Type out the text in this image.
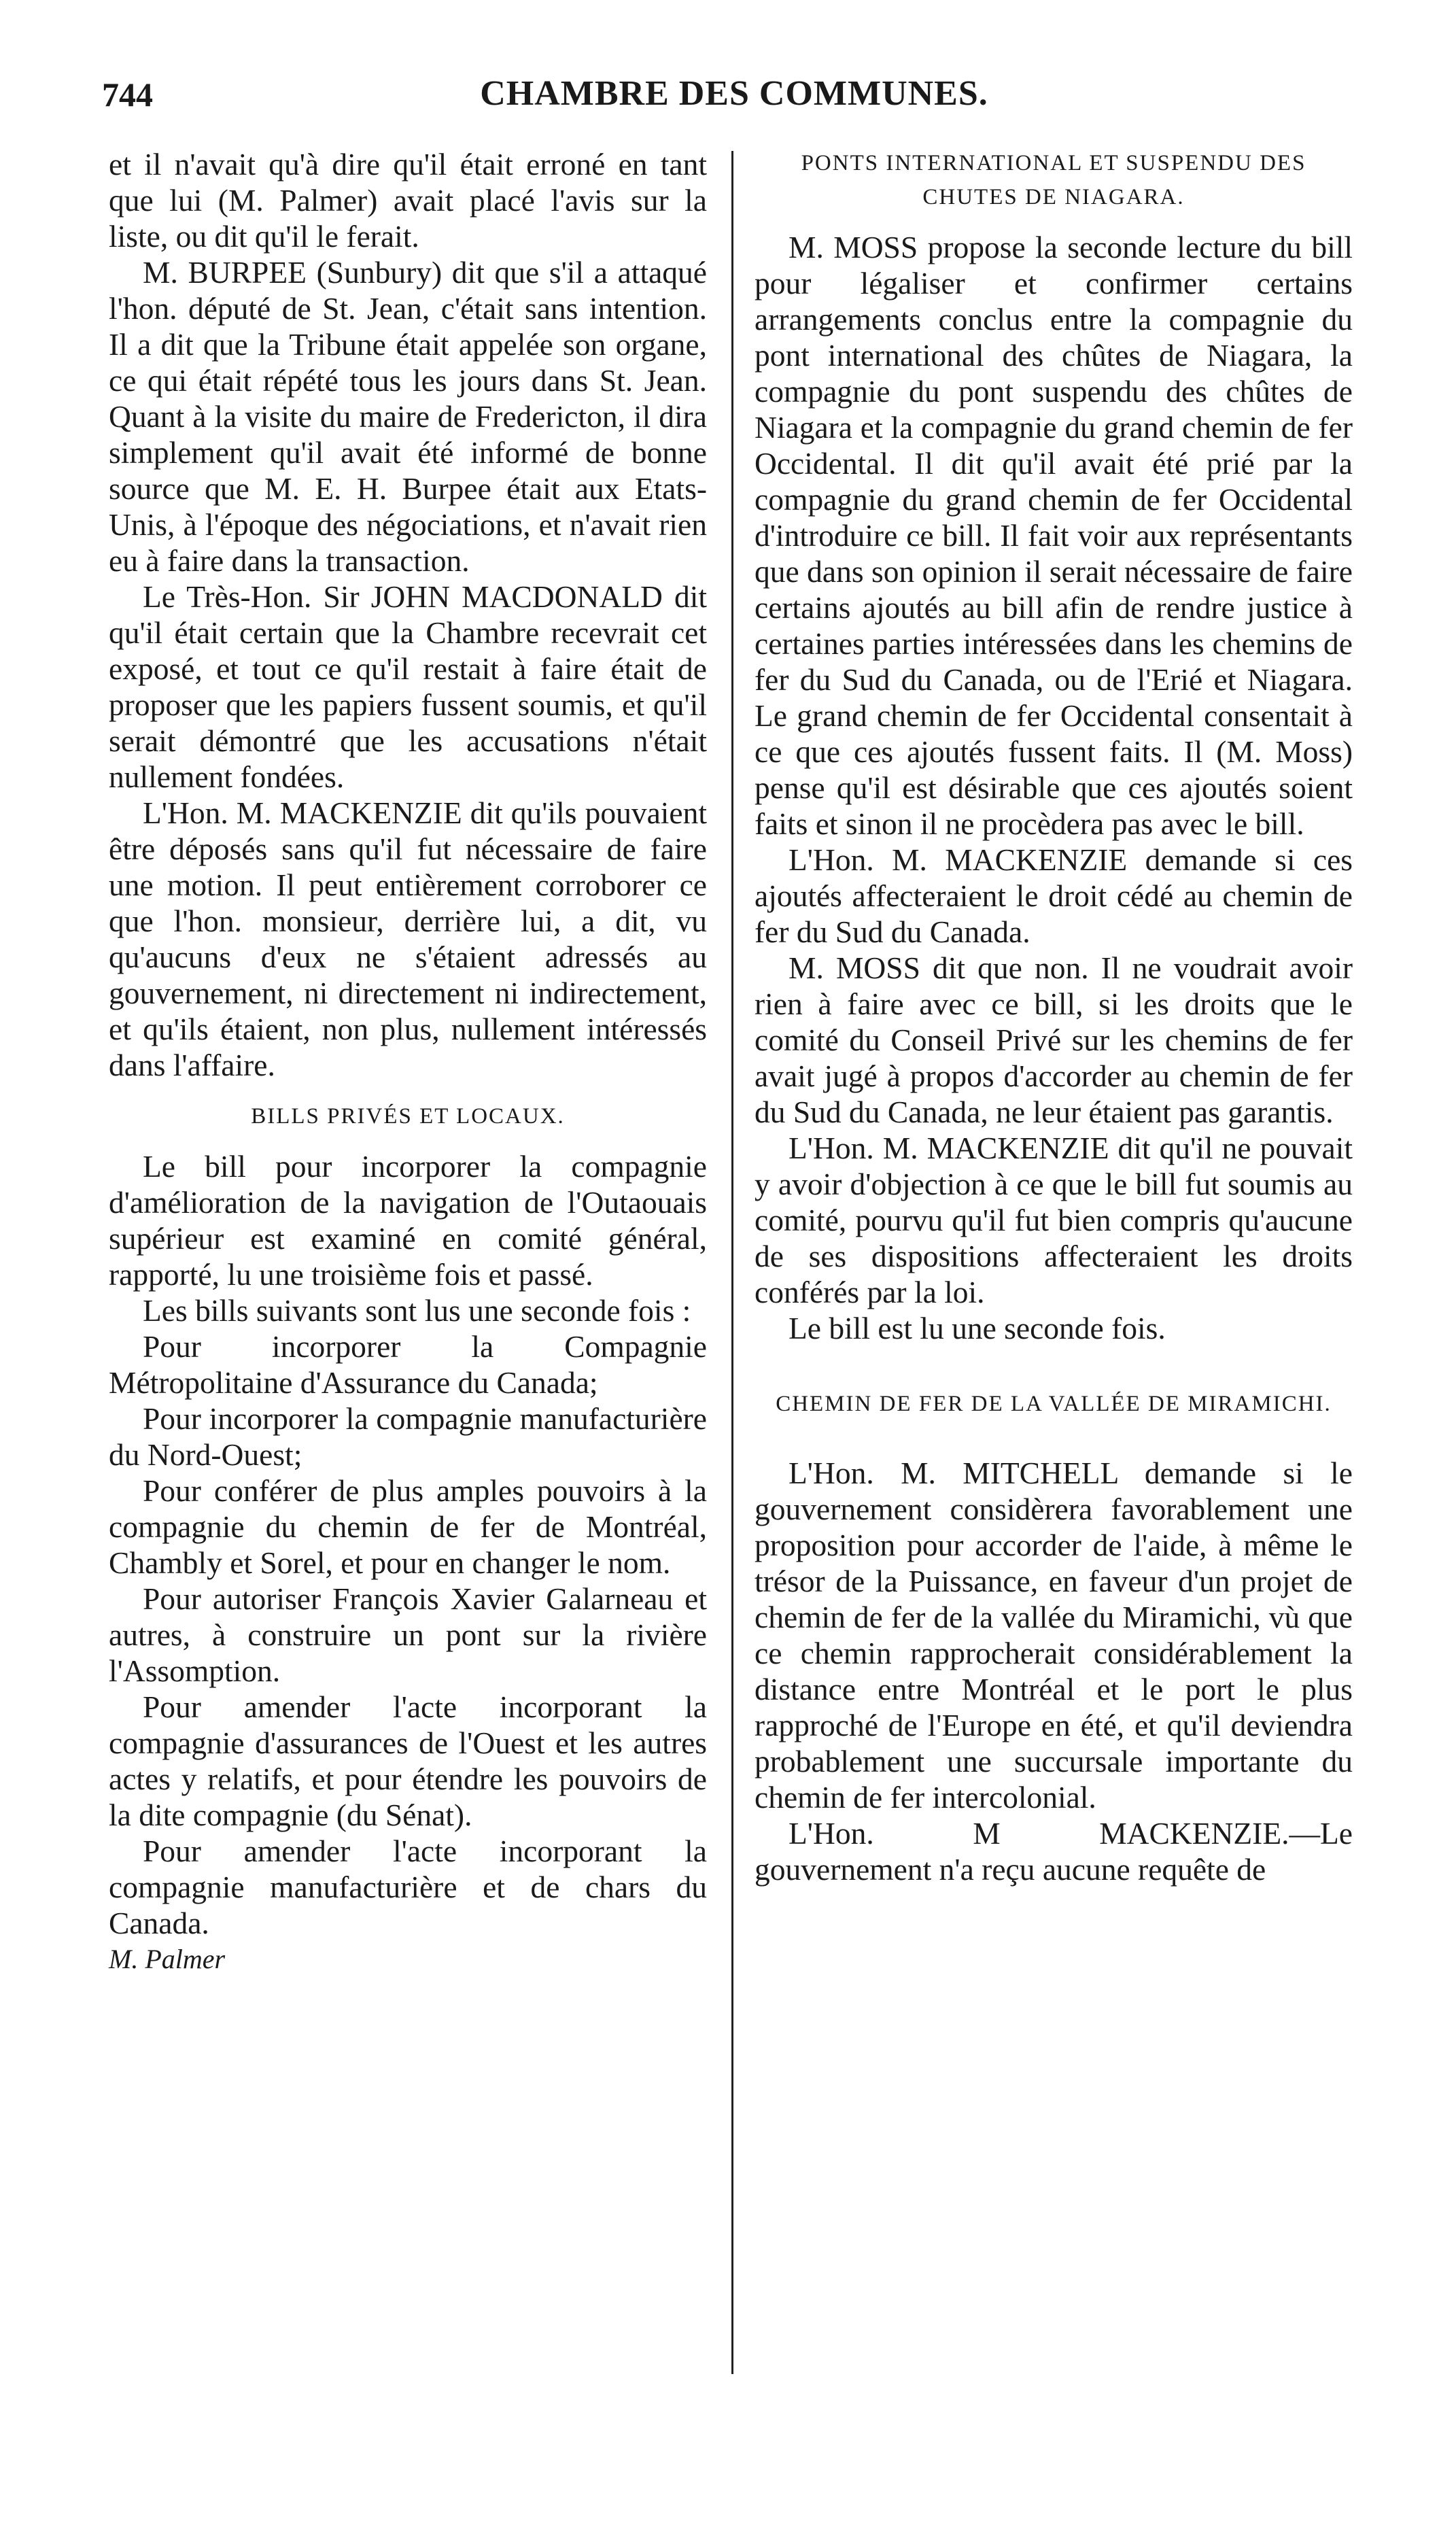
744	CHAMBRE DES COMMUNES.

et il n'avait qu'à dire qu'il était erroné en tant que lui (M. Palmer) avait placé l'avis sur la liste, ou dit qu'il le ferait.

M. BURPEE (Sunbury) dit que s'il a attaqué l'hon. député de St. Jean, c'était sans intention. Il a dit que la Tribune était appelée son organe, ce qui était répété tous les jours dans St. Jean. Quant à la visite du maire de Fredericton, il dira simplement qu'il avait été informé de bonne source que M. E. H. Burpee était aux Etats-Unis, à l'époque des négociations, et n'avait rien eu à faire dans la transaction.

Le Très-Hon. Sir JOHN MACDONALD dit qu'il était certain que la Chambre recevrait cet exposé, et tout ce qu'il restait à faire était de proposer que les papiers fussent soumis, et qu'il serait démontré que les accusations n'était nullement fondées.

L'Hon. M. MACKENZIE dit qu'ils pouvaient être déposés sans qu'il fut nécessaire de faire une motion. Il peut entièrement corroborer ce que l'hon. monsieur, derrière lui, a dit, vu qu'aucuns d'eux ne s'étaient adressés au gouvernement, ni directement ni indirectement, et qu'ils étaient, non plus, nullement intéressés dans l'affaire.

BILLS PRIVÉS ET LOCAUX.

Le bill pour incorporer la compagnie d'amélioration de la navigation de l'Outaouais supérieur est examiné en comité général, rapporté, lu une troisième fois et passé.

Les bills suivants sont lus une seconde fois :

Pour incorporer la Compagnie Métropolitaine d'Assurance du Canada;

Pour incorporer la compagnie manufacturière du Nord-Ouest;

Pour conférer de plus amples pouvoirs à la compagnie du chemin de fer de Montréal, Chambly et Sorel, et pour en changer le nom.

Pour autoriser François Xavier Galarneau et autres, à construire un pont sur la rivière l'Assomption.

Pour amender l'acte incorporant la compagnie d'assurances de l'Ouest et les autres actes y relatifs, et pour étendre les pouvoirs de la dite compagnie (du Sénat).

Pour amender l'acte incorporant la compagnie manufacturière et de chars du Canada.

M. Palmer

PONTS INTERNATIONAL ET SUSPENDU DES CHUTES DE NIAGARA.

M. MOSS propose la seconde lecture du bill pour légaliser et confirmer certains arrangements conclus entre la compagnie du pont international des chûtes de Niagara, la compagnie du pont suspendu des chûtes de Niagara et la compagnie du grand chemin de fer Occidental. Il dit qu'il avait été prié par la compagnie du grand chemin de fer Occidental d'introduire ce bill. Il fait voir aux représentants que dans son opinion il serait nécessaire de faire certains ajoutés au bill afin de rendre justice à certaines parties intéressées dans les chemins de fer du Sud du Canada, ou de l'Erié et Niagara. Le grand chemin de fer Occidental consentait à ce que ces ajoutés fussent faits. Il (M. Moss) pense qu'il est désirable que ces ajoutés soient faits et sinon il ne procèdera pas avec le bill.

L'Hon. M. MACKENZIE demande si ces ajoutés affecteraient le droit cédé au chemin de fer du Sud du Canada.

M. MOSS dit que non. Il ne voudrait avoir rien à faire avec ce bill, si les droits que le comité du Conseil Privé sur les chemins de fer avait jugé à propos d'accorder au chemin de fer du Sud du Canada, ne leur étaient pas garantis.

L'Hon. M. MACKENZIE dit qu'il ne pouvait y avoir d'objection à ce que le bill fut soumis au comité, pourvu qu'il fut bien compris qu'aucune de ses dispositions affecteraient les droits conférés par la loi.

Le bill est lu une seconde fois.

CHEMIN DE FER DE LA VALLÉE DE MIRAMICHI.

L'Hon. M. MITCHELL demande si le gouvernement considèrera favorablement une proposition pour accorder de l'aide, à même le trésor de la Puissance, en faveur d'un projet de chemin de fer de la vallée du Miramichi, vù que ce chemin rapprocherait considérablement la distance entre Montréal et le port le plus rapproché de l'Europe en été, et qu'il deviendra probablement une succursale importante du chemin de fer intercolonial.

L'Hon. M MACKENZIE.—Le gouvernement n'a reçu aucune requête de
